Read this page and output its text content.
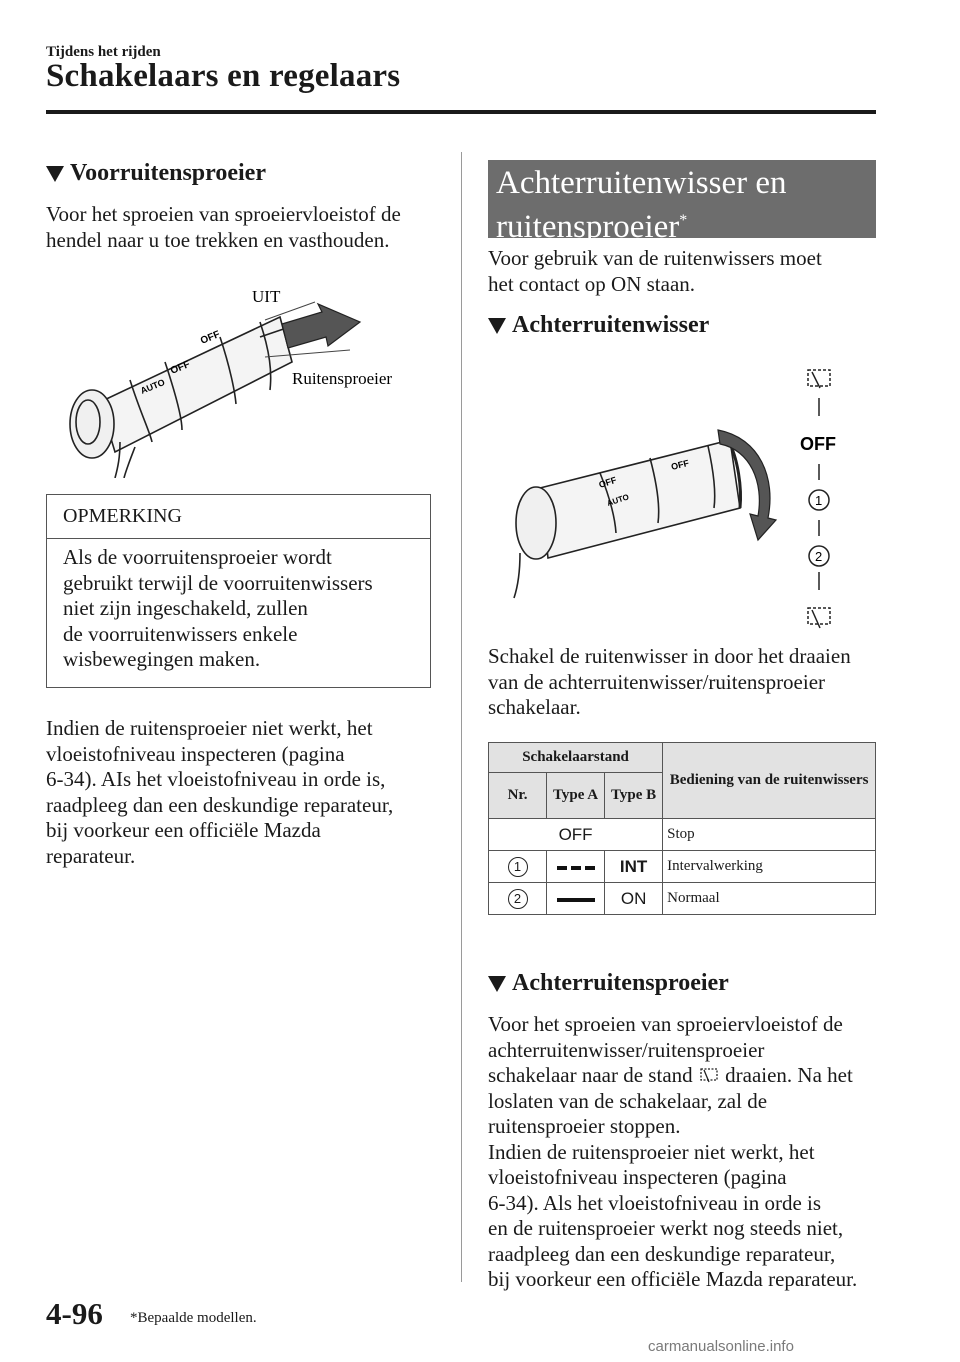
Tijdens het rijden
Schakelaars en regelaars
Voorruitensproeier
Voor het sproeien van sproeiervloeistof de
hendel naar u toe trekken en vasthouden.
OFF
AUTO
OFF
UIT
Ruitensproeier
OPMERKING
Als de voorruitensproeier wordt
gebruikt terwijl de voorruitenwissers
niet zijn ingeschakeld, zullen
de voorruitenwissers enkele
wisbewegingen maken.
Indien de ruitensproeier niet werkt, het
vloeistofniveau inspecteren (pagina
6-34). AIs het vloeistofniveau in orde is,
raadpleeg dan een deskundige reparateur,
bij voorkeur een officiële Mazda
reparateur.
Achterruitenwisser en
ruitensproeier*
Voor gebruik van de ruitenwissers moet
het contact op ON staan.
Achterruitenwisser
OFF
OFF
AUTO
OFF
1
2
Schakel de ruitenwisser in door het draaien
van de achterruitenwisser/ruitensproeier
schakelaar.
Schakelaarstand			Bediening van de ruitenwissers
Nr.	Type A	Type B	
OFF			Stop
1		INT	Intervalwerking
2		ON	Normaal
Achterruitensproeier
Voor het sproeien van sproeiervloeistof de
achterruitenwisser/ruitensproeier
schakelaar naar de stand draaien. Na het
loslaten van de schakelaar, zal de
ruitensproeier stoppen.
Indien de ruitensproeier niet werkt, het
vloeistofniveau inspecteren (pagina
6-34). Als het vloeistofniveau in orde is
en de ruitensproeier werkt nog steeds niet,
raadpleeg dan een deskundige reparateur,
bij voorkeur een officiële Mazda reparateur.
4-96 *Bepaalde modellen.
carmanualsonline.info
